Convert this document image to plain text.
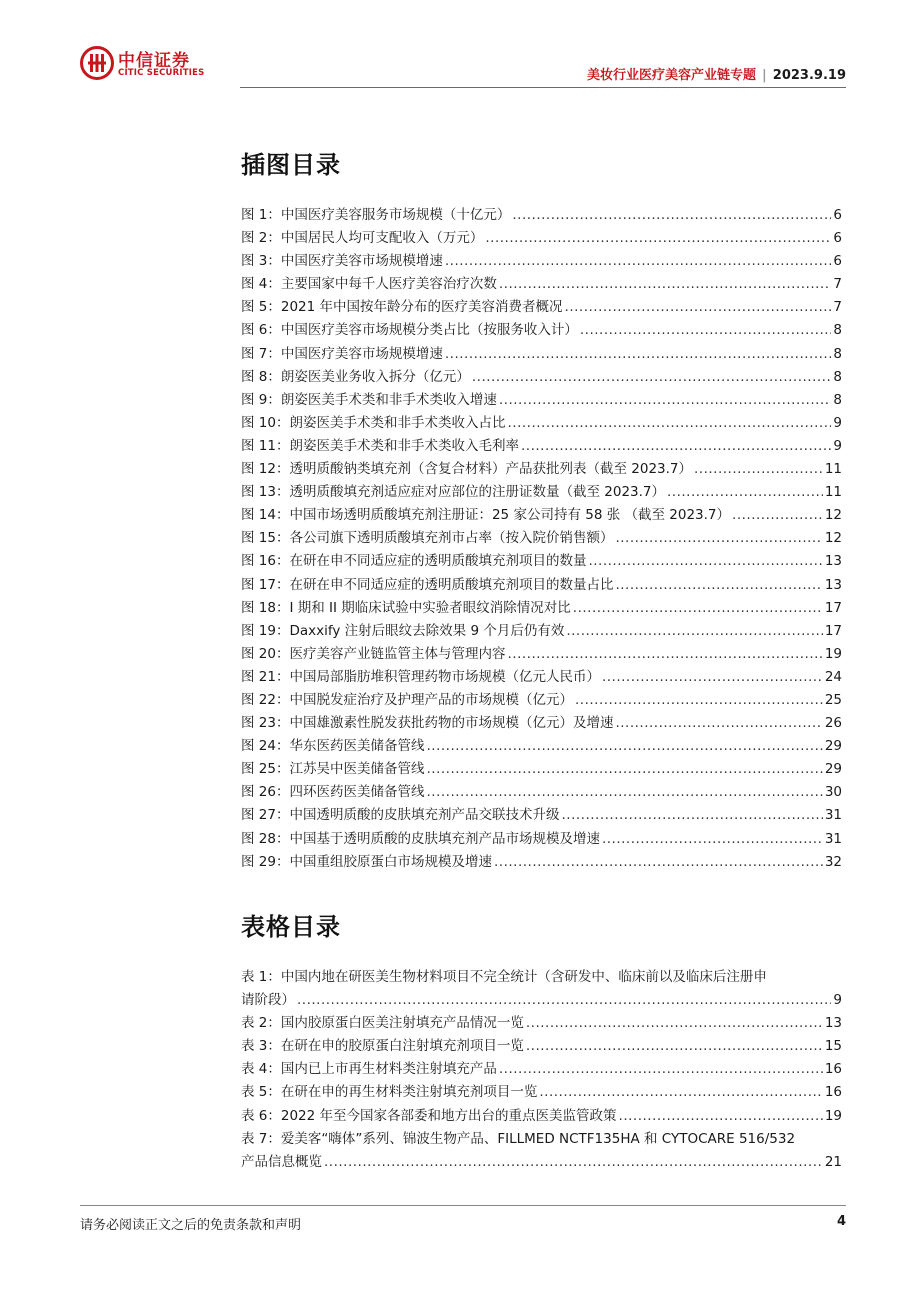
中信证券
CITIC SECURITIES	美妆行业医疗美容产业链专题 | 2023.9.19
插图目录
图 1：中国医疗美容服务市场规模（十亿元） .....	6
图 2：中国居民人均可支配收入（万元） .....	6
图 3：中国医疗美容市场规模增速 .....	6
图 4：主要国家中每千人医疗美容治疗次数 .....	7
图 5：2021 年中国按年龄分布的医疗美容消费者概况 .....	7
图 6：中国医疗美容市场规模分类占比（按服务收入计） .....	8
图 7：中国医疗美容市场规模增速 .....	8
图 8：朗姿医美业务收入拆分（亿元） .....	8
图 9：朗姿医美手术类和非手术类收入增速 .....	8
图 10：朗姿医美手术类和非手术类收入占比 .....	9
图 11：朗姿医美手术类和非手术类收入毛利率 .....	9
图 12：透明质酸钠类填充剂（含复合材料）产品获批列表（截至 2023.7） .....	11
图 13：透明质酸填充剂适应症对应部位的注册证数量（截至 2023.7） .....	11
图 14：中国市场透明质酸填充剂注册证：25 家公司持有 58 张 （截至 2023.7） .....	12
图 15：各公司旗下透明质酸填充剂市占率（按入院价销售额） .....	12
图 16：在研在申不同适应症的透明质酸填充剂项目的数量 .....	13
图 17：在研在申不同适应症的透明质酸填充剂项目的数量占比 .....	13
图 18：I 期和 II 期临床试验中实验者眼纹消除情况对比 .....	17
图 19：Daxxify 注射后眼纹去除效果 9 个月后仍有效 .....	17
图 20：医疗美容产业链监管主体与管理内容 .....	19
图 21：中国局部脂肪堆积管理药物市场规模（亿元人民币） .....	24
图 22：中国脱发症治疗及护理产品的市场规模（亿元） .....	25
图 23：中国雄激素性脱发获批药物的市场规模（亿元）及增速 .....	26
图 24：华东医药医美储备管线 .....	29
图 25：江苏吴中医美储备管线 .....	29
图 26：四环医药医美储备管线 .....	30
图 27：中国透明质酸的皮肤填充剂产品交联技术升级 .....	31
图 28：中国基于透明质酸的皮肤填充剂产品市场规模及增速 .....	31
图 29：中国重组胶原蛋白市场规模及增速 .....	32
表格目录
表 1：中国内地在研医美生物材料项目不完全统计（含研发中、临床前以及临床后注册申
请阶段） .....	9
表 2：国内胶原蛋白医美注射填充产品情况一览 .....	13
表 3：在研在申的胶原蛋白注射填充剂项目一览 .....	15
表 4：国内已上市再生材料类注射填充产品 .....	16
表 5：在研在申的再生材料类注射填充剂项目一览 .....	16
表 6：2022 年至今国家各部委和地方出台的重点医美监管政策 .....	19
表 7：爱美客“嗨体”系列、锦波生物产品、FILLMED NCTF135HA 和 CYTOCARE 516/532
产品信息概览 .....	21
请务必阅读正文之后的免责条款和声明	4
